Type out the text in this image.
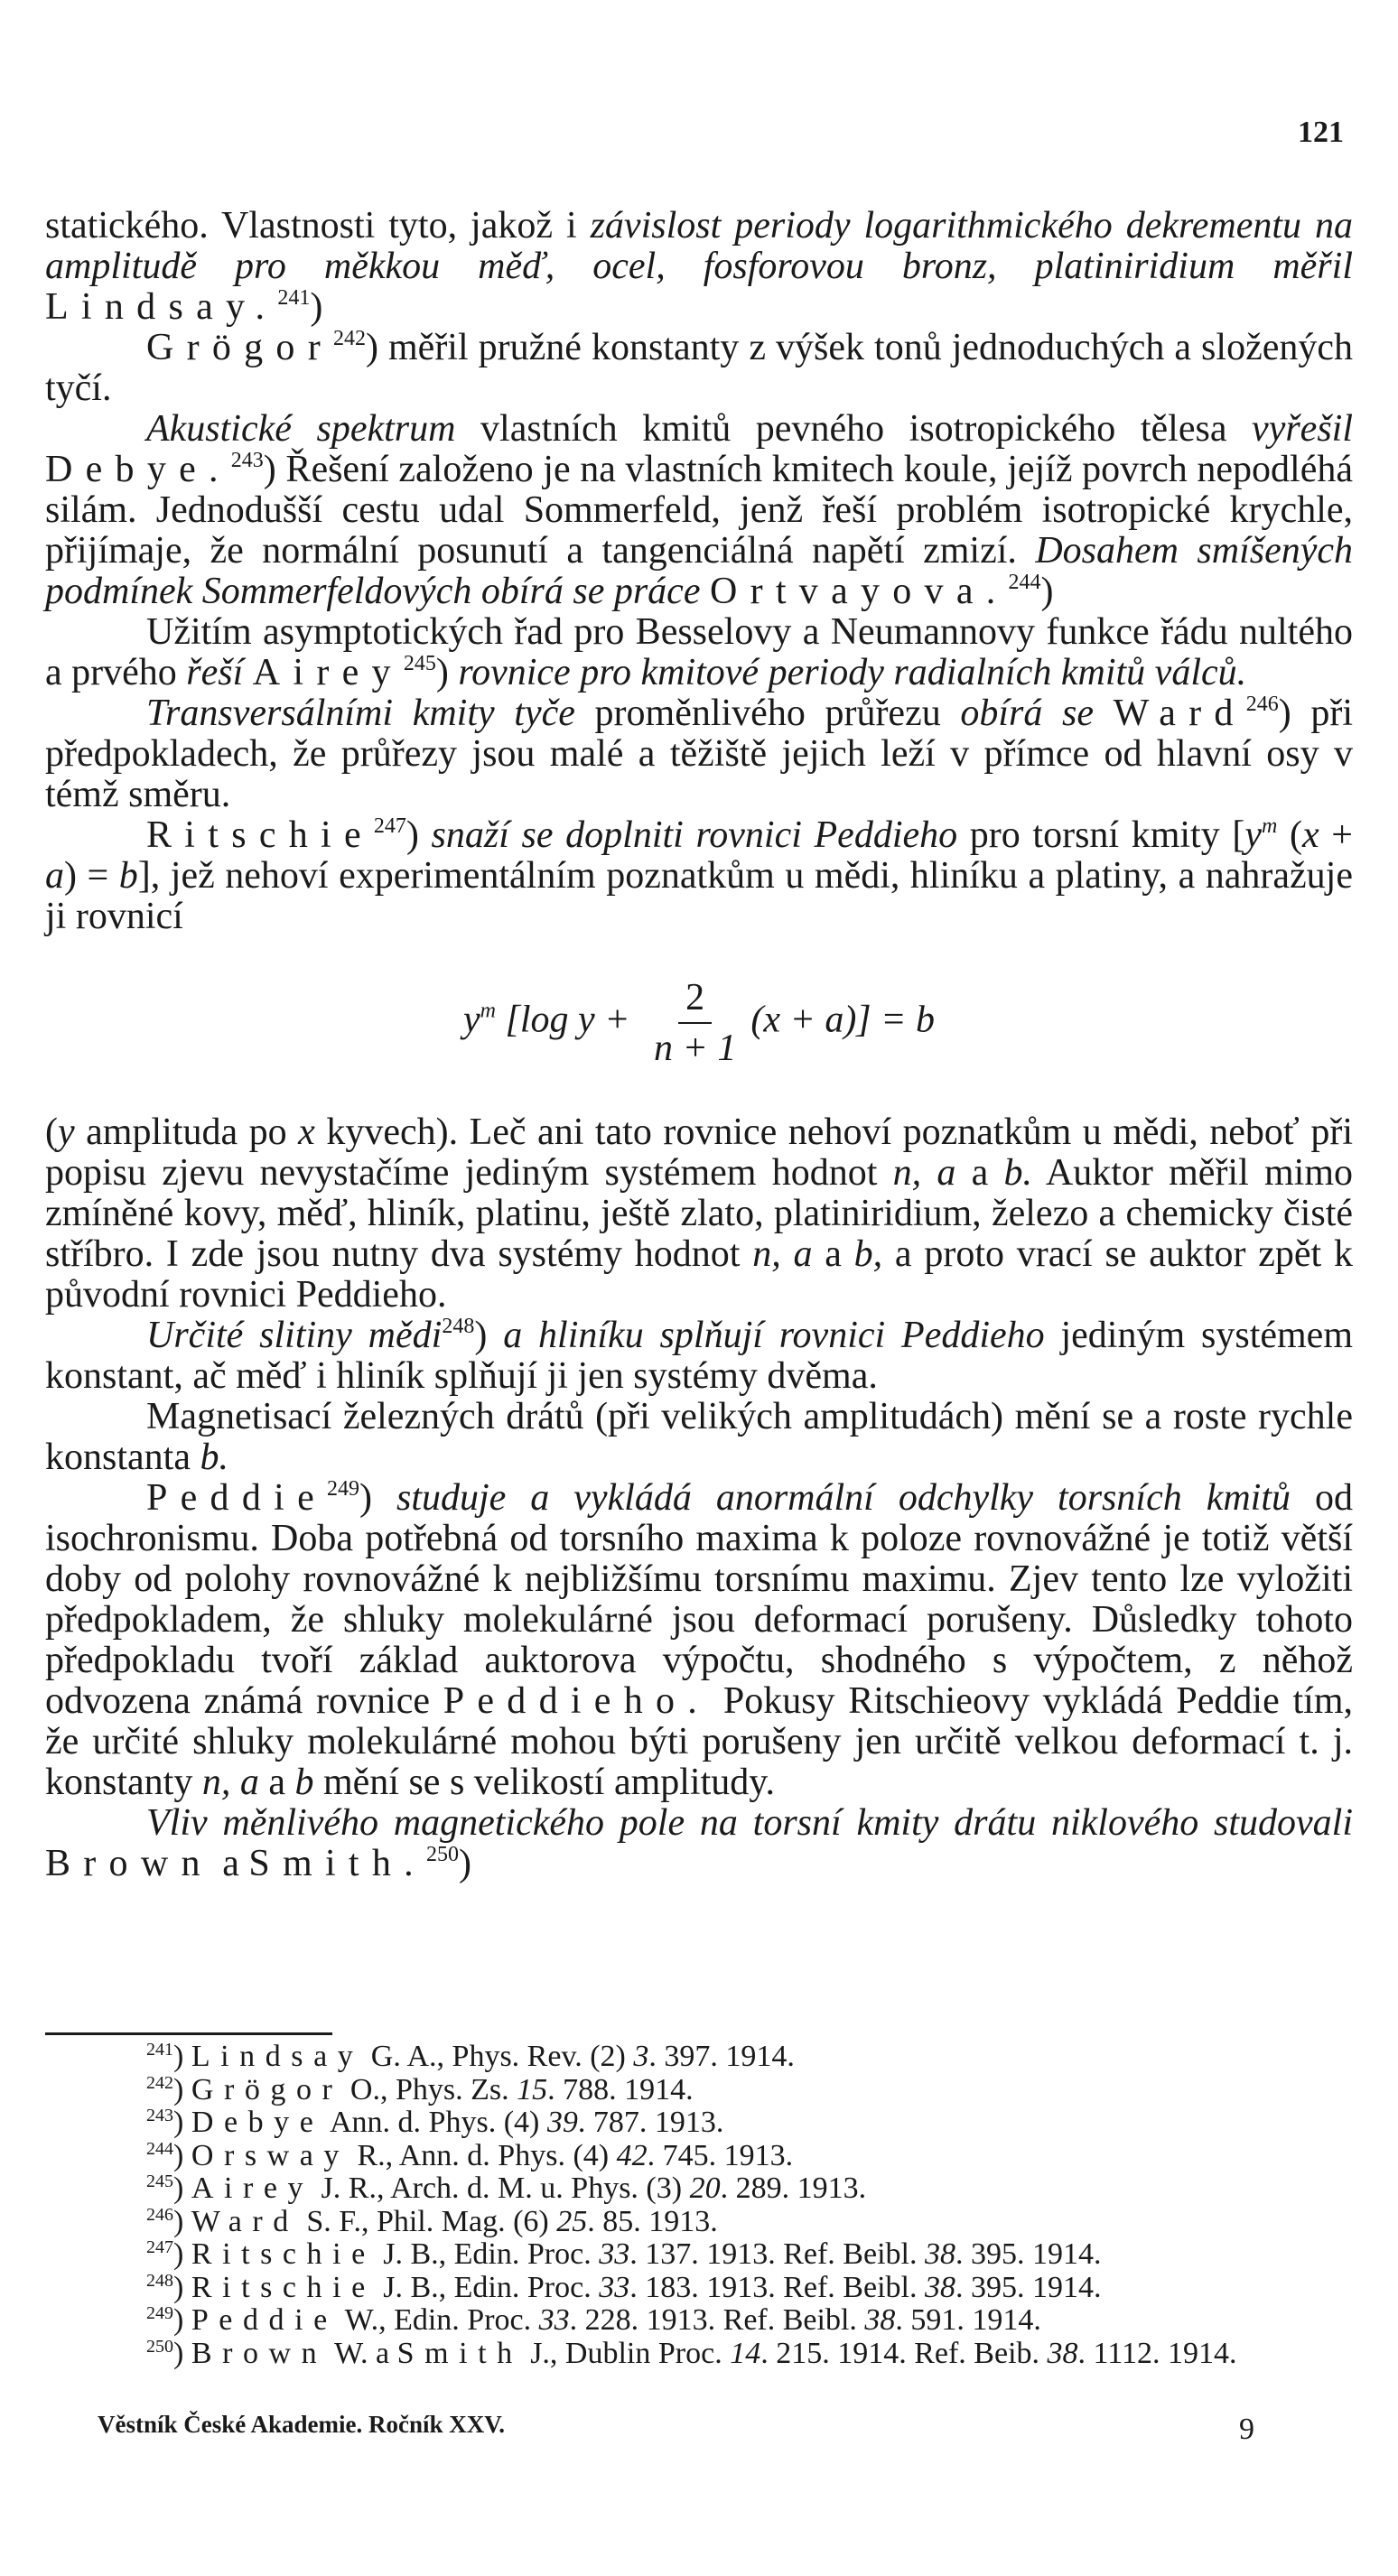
121

statického. Vlastnosti tyto, jakož i závislost periody logarithmického dekrementu na amplitudě pro měkkou měď, ocel, fosforovou bronz, platiniridium měřil Lindsay.$^{241}$)

Grögor$^{242}$) měřil pružné konstanty z výšek tonů jednoduchých a složených tyčí.

Akustické spektrum vlastních kmitů pevného isotropického tělesa vyřešil Debye.$^{243}$) Řešení založeno je na vlastních kmitech koule, jejíž povrch nepodléhá silám. Jednodušší cestu udal Sommerfeld, jenž řeší problém isotropické krychle, přijímaje, že normální posunutí a tangenciálná napětí zmizí. Dosahem smíšených podmínek Sommerfeldových obírá se práce Ortvayova.$^{244}$)

Užitím asymptotických řad pro Besselovy a Neumannovy funkce řádu nultého a prvého řeší Airey$^{245}$) rovnice pro kmitové periody radialních kmitů válců.

Transversálními kmity tyče proměnlivého průřezu obírá se Ward$^{246}$) při předpokladech, že průřezy jsou malé a těžiště jejich leží v přímce od hlavní osy v témž směru.

Ritschie$^{247}$) snaží se doplniti rovnici Peddieho pro torsní kmity [$y^m$ (x + a) = b], jež nehoví experimentálním poznatkům u mědi, hliníku a platiny, a nahražuje ji rovnicí

$y^m$ [log $y + \frac{2}{n + 1} (x + a)] = b$

(y amplituda po x kyvech). Leč ani tato rovnice nehoví poznatkům u mědi, neboť při popisu zjevu nevystačíme jediným systémem hodnot n, a a b. Auktor měřil mimo zmíněné kovy, měď, hliník, platinu, ještě zlato, platiniridium, železo a chemicky čisté stříbro. I zde jsou nutny dva systémy hodnot n, a a b, a proto vrací se auktor zpět k původní rovnici Peddieho.

Určité slitiny mědi$^{248}$) a hliníku splňují rovnici Peddieho jediným systémem konstant, ač měď i hliník splňují ji jen systémy dvěma.

Magnetisací železných drátů (při velikých amplitudách) mění se a roste rychle konstanta b.

Peddie$^{249}$) studuje a vykládá anormální odchylky torsních kmitů od isochronismu. Doba potřebná od torsního maxima k poloze rovnovážné je totiž větší doby od polohy rovnovážné k nejbližšímu torsnímu maximu. Zjev tento lze vyložiti předpokladem, že shluky molekulárné jsou deformací porušeny. Důsledky tohoto předpokladu tvoří základ auktorova výpočtu, shodného s výpočtem, z něhož odvozena známá rovnice Peddieho. Pokusy Ritschieovy vykládá Peddie tím, že určité shluky molekulárné mohou býti porušeny jen určitě velkou deformací t. j. konstanty n, a a b mění se s velikostí amplitudy.

Vliv měnlivého magnetického pole na torsní kmity drátu niklového studovali Brown a Smith.$^{250}$)

$^{241}$) Lindsay G. A., Phys. Rev. (2) 3. 397. 1914.
$^{242}$) Grögor O., Phys. Zs. 15. 788. 1914.
$^{243}$) Debye Ann. d. Phys. (4) 39. 787. 1913.
$^{244}$) Orsway R., Ann. d. Phys. (4) 42. 745. 1913.
$^{245}$) Airey J. R., Arch. d. M. u. Phys. (3) 20. 289. 1913.
$^{246}$) Ward S. F., Phil. Mag. (6) 25. 85. 1913.
$^{247}$) Ritschie J. B., Edin. Proc. 33. 137. 1913. Ref. Beibl. 38. 395. 1914.
$^{248}$) Ritschie J. B., Edin. Proc. 33. 183. 1913. Ref. Beibl. 38. 395. 1914.
$^{249}$) Peddie W., Edin. Proc. 33. 228. 1913. Ref. Beibl. 38. 591. 1914.
$^{250}$) Brown W. a Smith J., Dublin Proc. 14. 215. 1914. Ref. Beib. 38. 1112. 1914.
Věstník České Akademie. Ročník XXV.	9
